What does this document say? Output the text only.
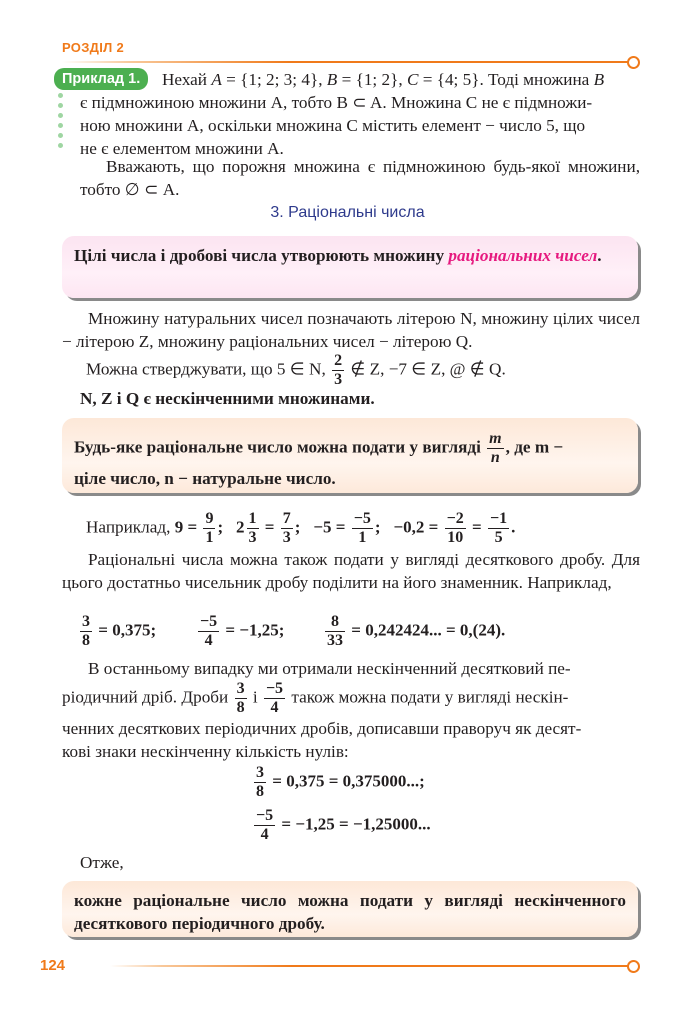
РОЗДІЛ 2
Приклад 1.	Нехай A = {1; 2; 3; 4}, B = {1; 2}, C = {4; 5}. Тоді множина B
є підмножиною множини A, тобто B ⊂ A. Множина C не є підмножи-
ною множини A, оскільки множина C містить елемент − число 5, що
не є елементом множини A.
Вважають, що порожня множина є підмножиною будь-якої множини, тобто ∅ ⊂ A.
3. Раціональні числа
Цілі числа і дробові числа утворюють множину раціональних чисел.
Множину натуральних чисел позначають літерою N, множину цілих чисел − літерою Z, множину раціональних чисел − літерою Q.
Можна стверджувати, що 5 ∈ N, $\frac{2}{3}$ ∉ Z, −7 ∈ Z, @ ∉ Q.
N, Z і Q є нескінченними множинами.
Будь-яке раціональне число можна подати у вигляді $\frac{m}{n}$ , де m −
ціле число, n − натуральне число.
Наприклад, $9 = \frac{9}{1}$ ; $2 \frac{1}{3} = \frac{7}{3}$ ; $-5 = \frac{-5}{1}$ ; $-0,2 = \frac{-2}{10} = \frac{-1}{5}$ .
Раціональні числа можна також подати у вигляді десяткового дробу. Для цього достатньо чисельник дробу поділити на його знаменник. Наприклад,
$\frac{3}{8} = 0,375$;	$\frac{-5}{4} = -1,25$;	$\frac{8}{33} = 0,242424$... = 0,(24).
В останньому випадку ми отримали нескінченний десятковий пе-
ріодичний дріб. Дроби $\frac{3}{8}$ і $\frac{-5}{4}$ також можна подати у вигляді нескін-
ченних десяткових періодичних дробів, дописавши праворуч як десят-
кові знаки нескінченну кількість нулів:
$\frac{3}{8} = 0,375 = 0,375000$...;
$\frac{-5}{4} = -1,25 = -1,25000$...
Отже,
кожне раціональне число можна подати у вигляді нескінченного десяткового періодичного дробу.
124
